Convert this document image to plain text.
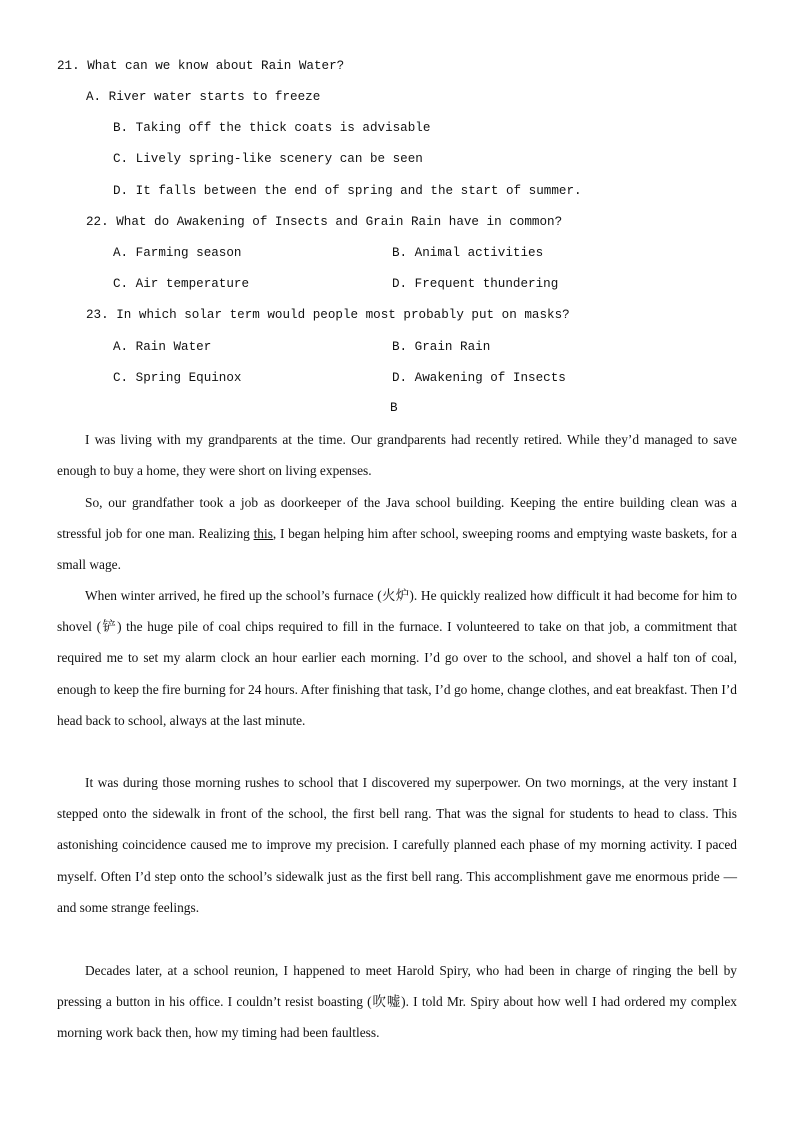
21. What can we know about Rain Water?
A. River water starts to freeze
B. Taking off the thick coats is advisable
C. Lively spring-like scenery can be seen
D. It falls between the end of spring and the start of summer.
22. What do Awakening of Insects and Grain Rain have in common?
A. Farming season	B. Animal activities
C. Air temperature	D. Frequent thundering
23. In which solar term would people most probably put on masks?
A. Rain Water	B. Grain Rain
C. Spring Equinox	D. Awakening of Insects
B

I was living with my grandparents at the time. Our grandparents had recently retired. While they’d managed to save enough to buy a home, they were short on living expenses.

So, our grandfather took a job as doorkeeper of the Java school building. Keeping the entire building clean was a stressful job for one man. Realizing this, I began helping him after school, sweeping rooms and emptying waste baskets, for a small wage.

When winter arrived, he fired up the school’s furnace (火炉). He quickly realized how difficult it had become for him to shovel (铲) the huge pile of coal chips required to fill in the furnace. I volunteered to take on that job, a commitment that required me to set my alarm clock an hour earlier each morning. I’d go over to the school, and shovel a half ton of coal, enough to keep the fire burning for 24 hours. After finishing that task, I’d go home, change clothes, and eat breakfast. Then I’d head back to school, always at the last minute.

It was during those morning rushes to school that I discovered my superpower. On two mornings, at the very instant I stepped onto the sidewalk in front of the school, the first bell rang. That was the signal for students to head to class. This astonishing coincidence caused me to improve my precision. I carefully planned each phase of my morning activity. I paced myself. Often I’d step onto the school’s sidewalk just as the first bell rang. This accomplishment gave me enormous pride — and some strange feelings.

Decades later, at a school reunion, I happened to meet Harold Spiry, who had been in charge of ringing the bell by pressing a button in his office. I couldn’t resist boasting (吹嘘). I told Mr. Spiry about how well I had ordered my complex morning work back then, how my timing had been faultless.
